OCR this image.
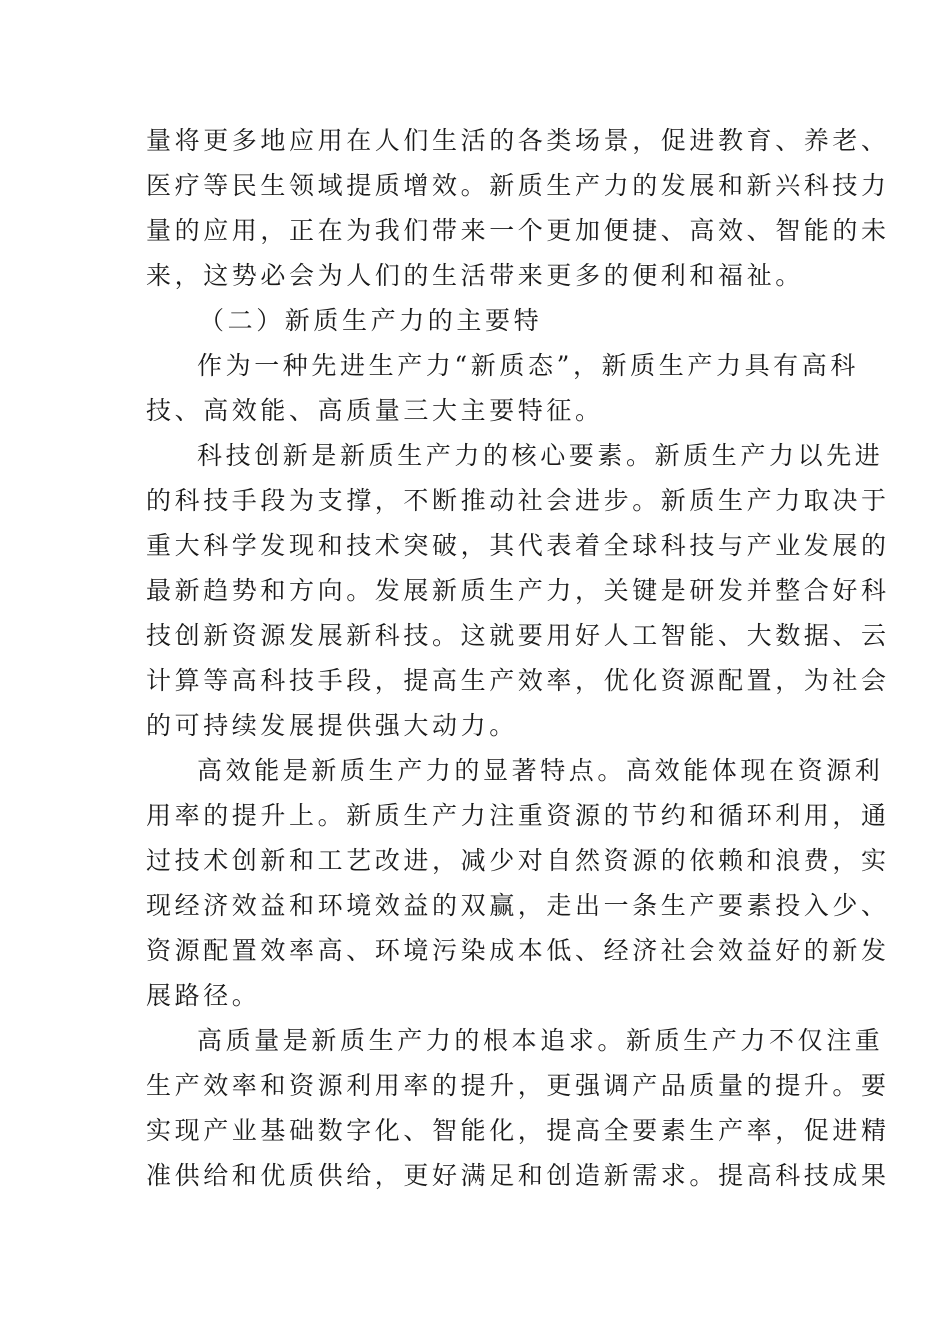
量将更多地应用在人们生活的各类场景，促进教育、养老、
医疗等民生领域提质增效。新质生产力的发展和新兴科技力
量的应用，正在为我们带来一个更加便捷、高效、智能的未
来，这势必会为人们的生活带来更多的便利和福祉。
（二）新质生产力的主要特
作为一种先进生产力“新质态”，新质生产力具有高科
技、高效能、高质量三大主要特征。
科技创新是新质生产力的核心要素。新质生产力以先进
的科技手段为支撑，不断推动社会进步。新质生产力取决于
重大科学发现和技术突破，其代表着全球科技与产业发展的
最新趋势和方向。发展新质生产力，关键是研发并整合好科
技创新资源发展新科技。这就要用好人工智能、大数据、云
计算等高科技手段，提高生产效率，优化资源配置，为社会
的可持续发展提供强大动力。
高效能是新质生产力的显著特点。高效能体现在资源利
用率的提升上。新质生产力注重资源的节约和循环利用，通
过技术创新和工艺改进，减少对自然资源的依赖和浪费，实
现经济效益和环境效益的双赢，走出一条生产要素投入少、
资源配置效率高、环境污染成本低、经济社会效益好的新发
展路径。
高质量是新质生产力的根本追求。新质生产力不仅注重
生产效率和资源利用率的提升，更强调产品质量的提升。要
实现产业基础数字化、智能化，提高全要素生产率，促进精
准供给和优质供给，更好满足和创造新需求。提高科技成果
